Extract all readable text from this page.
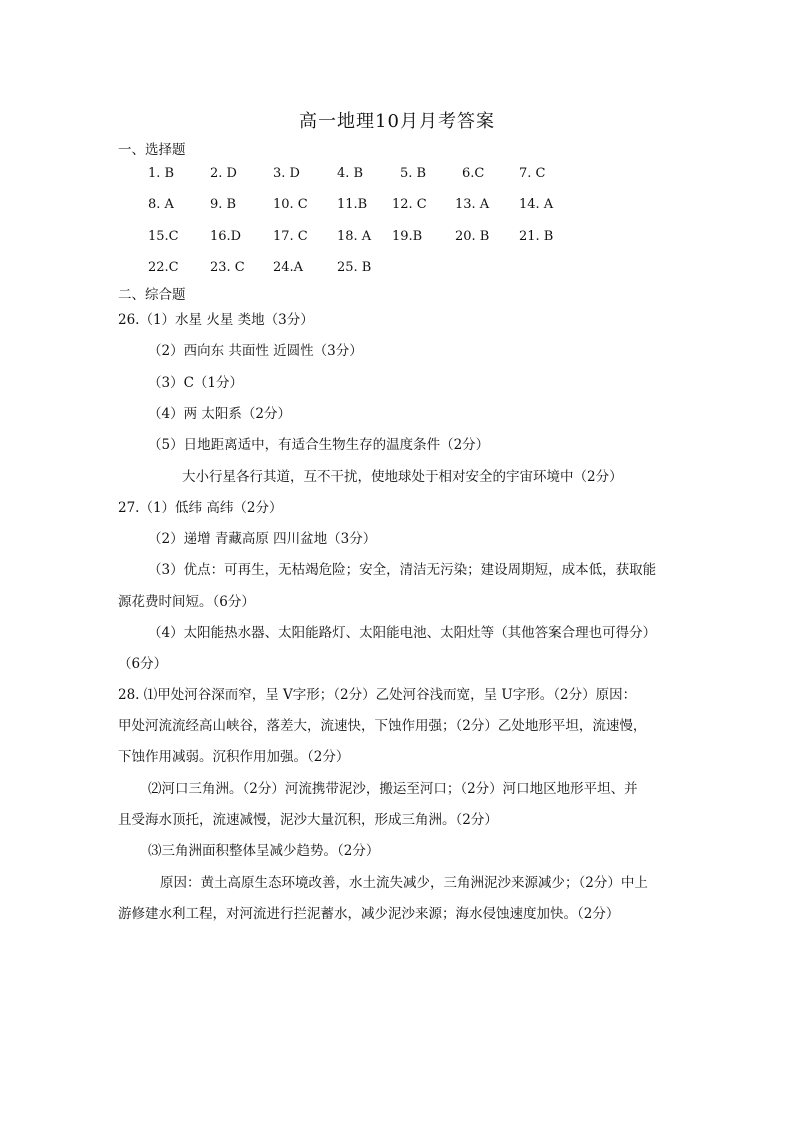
高一地理10月月考答案
一、选择题
1. B	2. D	3. D	4. B	5. B	6.C	7. C
8. A	9. B	10. C 11.B 12. C 13. A 14. A
15.C 16.D 17. C 18. A 19.B	20. B 21. B
22.C 23. C 24.A	25. B
二、综合题
26.（1）水星 火星 类地（3分）
（2）西向东 共面性 近圆性（3分）
（3）C（1分）
（4）两 太阳系（2分）
（5）日地距离适中，有适合生物生存的温度条件（2分）
大小行星各行其道，互不干扰，使地球处于相对安全的宇宙环境中（2分）
27.（1）低纬 高纬（2分）
（2）递增 青藏高原 四川盆地（3分）
（3）优点：可再生，无枯竭危险；安全，清洁无污染；建设周期短，成本低，获取能
源花费时间短。（6分）
（4）太阳能热水器、太阳能路灯、太阳能电池、太阳灶等（其他答案合理也可得分）
（6分）
28. ⑴甲处河谷深而窄，呈 V字形；（2分）乙处河谷浅而宽，呈 U字形。（2分）原因：
甲处河流流经高山峡谷，落差大，流速快，下蚀作用强；（2分）乙处地形平坦，流速慢，
下蚀作用减弱。沉积作用加强。（2分）
⑵河口三角洲。（2分）河流携带泥沙，搬运至河口；（2分）河口地区地形平坦、并
且受海水顶托，流速减慢，泥沙大量沉积，形成三角洲。（2分）
⑶三角洲面积整体呈减少趋势。（2分）
原因：黄土高原生态环境改善，水土流失减少，三角洲泥沙来源减少；（2分）中上
游修建水利工程，对河流进行拦泥蓄水，减少泥沙来源；海水侵蚀速度加快。（2分）
